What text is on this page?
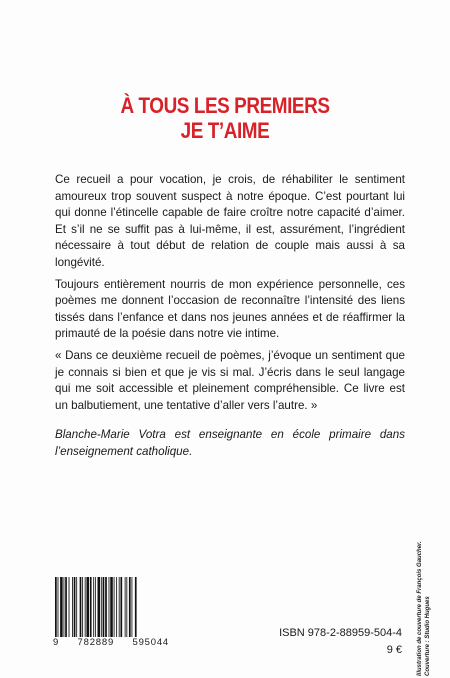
À TOUS LES PREMIERS
JE T’AIME

Ce recueil a pour vocation, je crois, de réhabiliter le sentiment amoureux trop souvent suspect à notre époque. C’est pourtant lui qui donne l’étincelle capable de faire croître notre capacité d’aimer. Et s’il ne se suffit pas à lui-même, il est, assurément, l’ingrédient nécessaire à tout début de relation de couple mais aussi à sa longévité.

Toujours entièrement nourris de mon expérience personnelle, ces poèmes me donnent l’occasion de reconnaître l’intensité des liens tissés dans l’enfance et dans nos jeunes années et de réaffirmer la primauté de la poésie dans notre vie intime.

« Dans ce deuxième recueil de poèmes, j’évoque un sentiment que je connais si bien et que je vis si mal. J’écris dans le seul langage qui me soit accessible et pleinement compréhensible. Ce livre est un balbutiement, une tentative d’aller vers l’autre. »

Blanche-Marie Votra est enseignante en école primaire dans l’enseignement catholique.

9 782889 595044
ISBN 978-2-88959-504-4
9 €	Illustration de couverture de François Gaucher. Couverture : Studio Hugues
